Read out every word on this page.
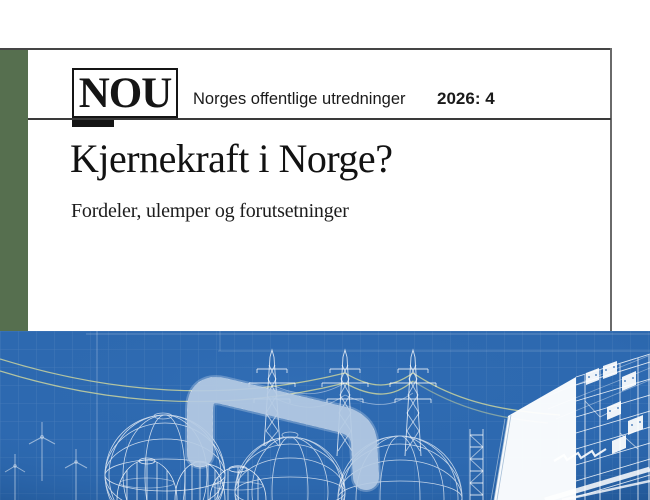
NOU Norges offentlige utredninger 2026: 4
Kjernekraft i Norge?
Fordeler, ulemper og forutsetninger
